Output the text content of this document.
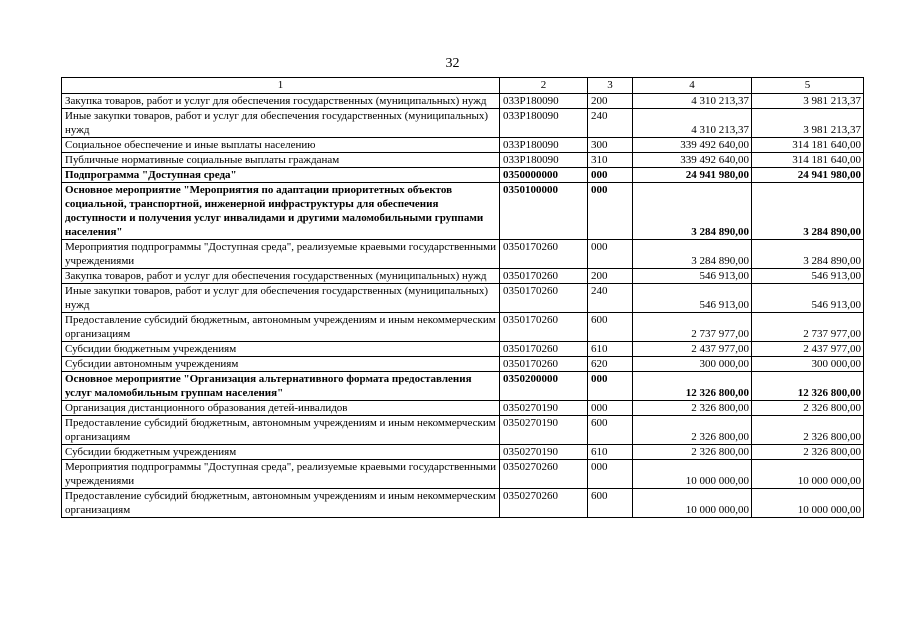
32
1	2	3	4	5
Закупка товаров, работ и услуг для обеспечения государственных (муниципальных) нужд	033P180090	200	4 310 213,37	3 981 213,37
Иные закупки товаров, работ и услуг для обеспечения государственных (муниципальных) нужд	033P180090	240	4 310 213,37	3 981 213,37
Социальное обеспечение и иные выплаты населению	033P180090	300	339 492 640,00	314 181 640,00
Публичные нормативные социальные выплаты гражданам	033P180090	310	339 492 640,00	314 181 640,00
Подпрограмма "Доступная среда"	0350000000	000	24 941 980,00	24 941 980,00
Основное мероприятие "Мероприятия по адаптации приоритетных объектов социальной, транспортной, инженерной инфраструктуры для обеспечения доступности и получения услуг инвалидами и другими маломобильными группами населения"	0350100000	000	3 284 890,00	3 284 890,00
Мероприятия подпрограммы "Доступная среда", реализуемые краевыми государственными учреждениями	0350170260	000	3 284 890,00	3 284 890,00
Закупка товаров, работ и услуг для обеспечения государственных (муниципальных) нужд	0350170260	200	546 913,00	546 913,00
Иные закупки товаров, работ и услуг для обеспечения государственных (муниципальных) нужд	0350170260	240	546 913,00	546 913,00
Предоставление субсидий бюджетным, автономным учреждениям и иным некоммерческим организациям	0350170260	600	2 737 977,00	2 737 977,00
Субсидии бюджетным учреждениям	0350170260	610	2 437 977,00	2 437 977,00
Субсидии автономным учреждениям	0350170260	620	300 000,00	300 000,00
Основное мероприятие "Организация альтернативного формата предоставления услуг маломобильным группам населения"	0350200000	000	12 326 800,00	12 326 800,00
Организация дистанционного образования детей-инвалидов	0350270190	000	2 326 800,00	2 326 800,00
Предоставление субсидий бюджетным, автономным учреждениям и иным некоммерческим организациям	0350270190	600	2 326 800,00	2 326 800,00
Субсидии бюджетным учреждениям	0350270190	610	2 326 800,00	2 326 800,00
Мероприятия подпрограммы "Доступная среда", реализуемые краевыми государственными учреждениями	0350270260	000	10 000 000,00	10 000 000,00
Предоставление субсидий бюджетным, автономным учреждениям и иным некоммерческим организациям	0350270260	600	10 000 000,00	10 000 000,00
